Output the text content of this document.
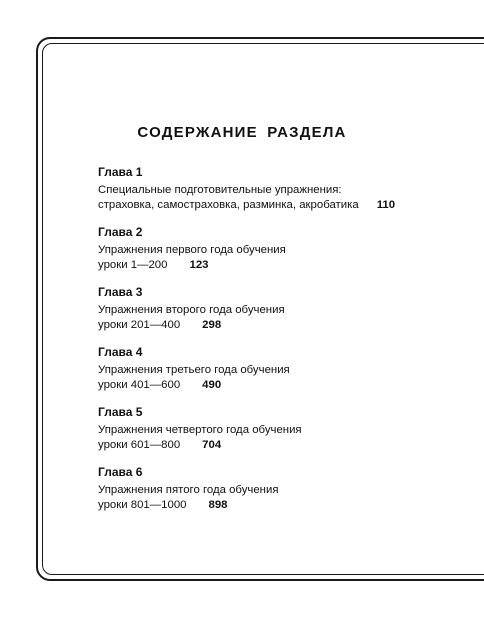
СОДЕРЖАНИЕ РАЗДЕЛА
Глава 1
Специальные подготовительные упражнения:
страховка, самостраховка, разминка, акробатика 110
Глава 2
Упражнения первого года обучения
уроки 1—200 123
Глава 3
Упражнения второго года обучения
уроки 201—400 298
Глава 4
Упражнения третьего года обучения
уроки 401—600 490
Глава 5
Упражнения четвертого года обучения
уроки 601—800 704
Глава 6
Упражнения пятого года обучения
уроки 801—1000 898
